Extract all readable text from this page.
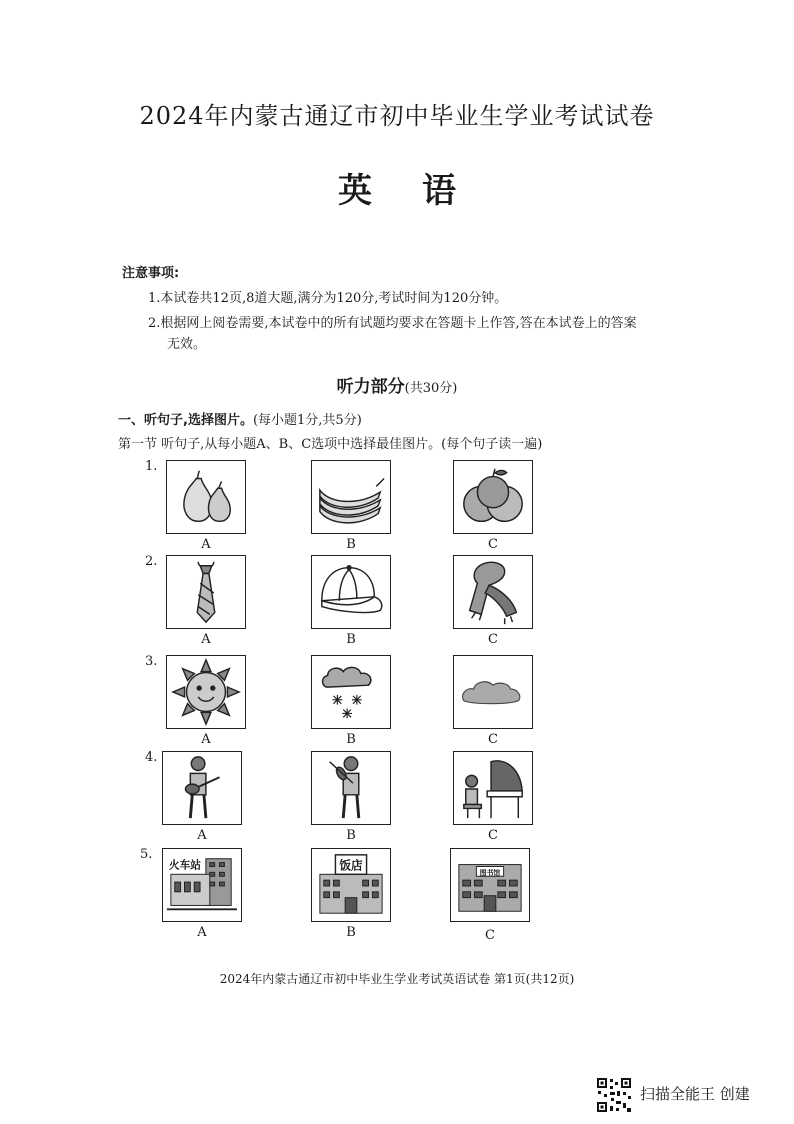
2024年内蒙古通辽市初中毕业生学业考试试卷
英语
注意事项:
1.本试卷共12页,8道大题,满分为120分,考试时间为120分钟。
2.根据网上阅卷需要,本试卷中的所有试题均要求在答题卡上作答,答在本试卷上的答案
无效。
听力部分(共30分)
一、听句子,选择图片。(每小题1分,共5分)
第一节 听句子,从每小题A、B、C选项中选择最佳图片。(每个句子读一遍)
1.
A	B	C
2.
A	B	C
3.
A	B	C
4.
A	B	C
5.
火车站
A
饭店
B
图书馆
C
2024年内蒙古通辽市初中毕业生学业考试英语试卷 第1页(共12页)
扫描全能王 创建
